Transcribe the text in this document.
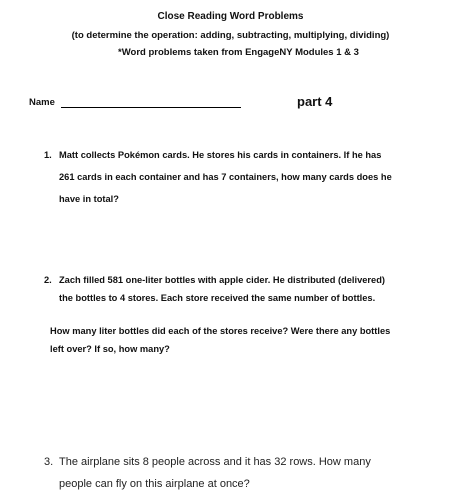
Close Reading Word Problems
(to determine the operation: adding, subtracting, multiplying, dividing)
*Word problems taken from EngageNY Modules 1 & 3
Name	part 4
1. Matt collects Pokémon cards. He stores his cards in containers. If he has
261 cards in each container and has 7 containers, how many cards does he
have in total?
2. Zach filled 581 one-liter bottles with apple cider. He distributed (delivered)
the bottles to 4 stores. Each store received the same number of bottles.
How many liter bottles did each of the stores receive? Were there any bottles
left over? If so, how many?
3. The airplane sits 8 people across and it has 32 rows. How many
people can fly on this airplane at once?
